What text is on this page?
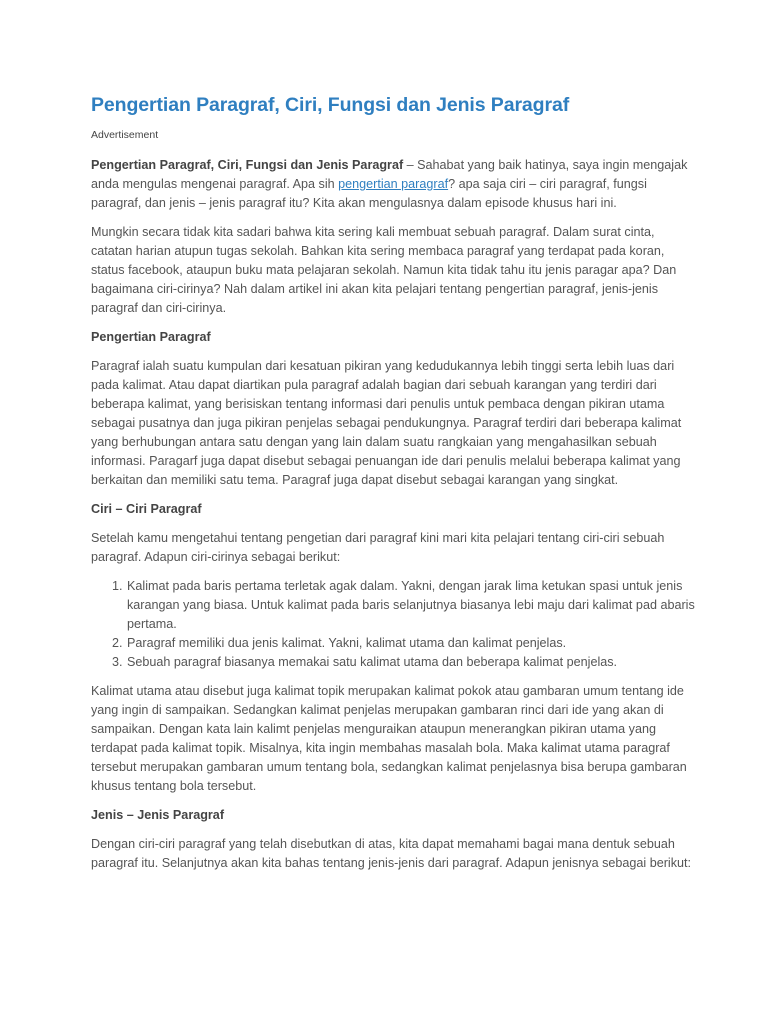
Pengertian Paragraf, Ciri, Fungsi dan Jenis Paragraf
Advertisement

Pengertian Paragraf, Ciri, Fungsi dan Jenis Paragraf – Sahabat yang baik hatinya, saya ingin mengajak anda mengulas mengenai paragraf. Apa sih pengertian paragraf? apa saja ciri – ciri paragraf, fungsi paragraf, dan jenis – jenis paragraf itu? Kita akan mengulasnya dalam episode khusus hari ini.

Mungkin secara tidak kita sadari bahwa kita sering kali membuat sebuah paragraf. Dalam surat cinta, catatan harian atupun tugas sekolah. Bahkan kita sering membaca paragraf yang terdapat pada koran, status facebook, ataupun buku mata pelajaran sekolah. Namun kita tidak tahu itu jenis paragar apa? Dan bagaimana ciri-cirinya? Nah dalam artikel ini akan kita pelajari tentang pengertian paragraf, jenis-jenis paragraf dan ciri-cirinya.

Pengertian Paragraf

Paragraf ialah suatu kumpulan dari kesatuan pikiran yang kedudukannya lebih tinggi serta lebih luas dari pada kalimat. Atau dapat diartikan pula paragraf adalah bagian dari sebuah karangan yang terdiri dari beberapa kalimat, yang berisiskan tentang informasi dari penulis untuk pembaca dengan pikiran utama sebagai pusatnya dan juga pikiran penjelas sebagai pendukungnya. Paragraf terdiri dari beberapa kalimat yang berhubungan antara satu dengan yang lain dalam suatu rangkaian yang mengahasilkan sebuah informasi. Paragarf juga dapat disebut sebagai penuangan ide dari penulis melalui beberapa kalimat yang berkaitan dan memiliki satu tema. Paragraf juga dapat disebut sebagai karangan yang singkat.

Ciri – Ciri Paragraf

Setelah kamu mengetahui tentang pengetian dari paragraf kini mari kita pelajari tentang ciri-ciri sebuah paragraf. Adapun ciri-cirinya sebagai berikut:

1. Kalimat pada baris pertama terletak agak dalam. Yakni, dengan jarak lima ketukan spasi untuk jenis karangan yang biasa. Untuk kalimat pada baris selanjutnya biasanya lebi maju dari kalimat pad abaris pertama.
2. Paragraf memiliki dua jenis kalimat. Yakni, kalimat utama dan kalimat penjelas.
3. Sebuah paragraf biasanya memakai satu kalimat utama dan beberapa kalimat penjelas.

Kalimat utama atau disebut juga kalimat topik merupakan kalimat pokok atau gambaran umum tentang ide yang ingin di sampaikan. Sedangkan kalimat penjelas merupakan gambaran rinci dari ide yang akan di sampaikan. Dengan kata lain kalimt penjelas menguraikan ataupun menerangkan pikiran utama yang terdapat pada kalimat topik. Misalnya, kita ingin membahas masalah bola. Maka kalimat utama paragraf tersebut merupakan gambaran umum tentang bola, sedangkan kalimat penjelasnya bisa berupa gambaran khusus tentang bola tersebut.

Jenis – Jenis Paragraf

Dengan ciri-ciri paragraf yang telah disebutkan di atas, kita dapat memahami bagai mana dentuk sebuah paragraf itu. Selanjutnya akan kita bahas tentang jenis-jenis dari paragraf. Adapun jenisnya sebagai berikut:
